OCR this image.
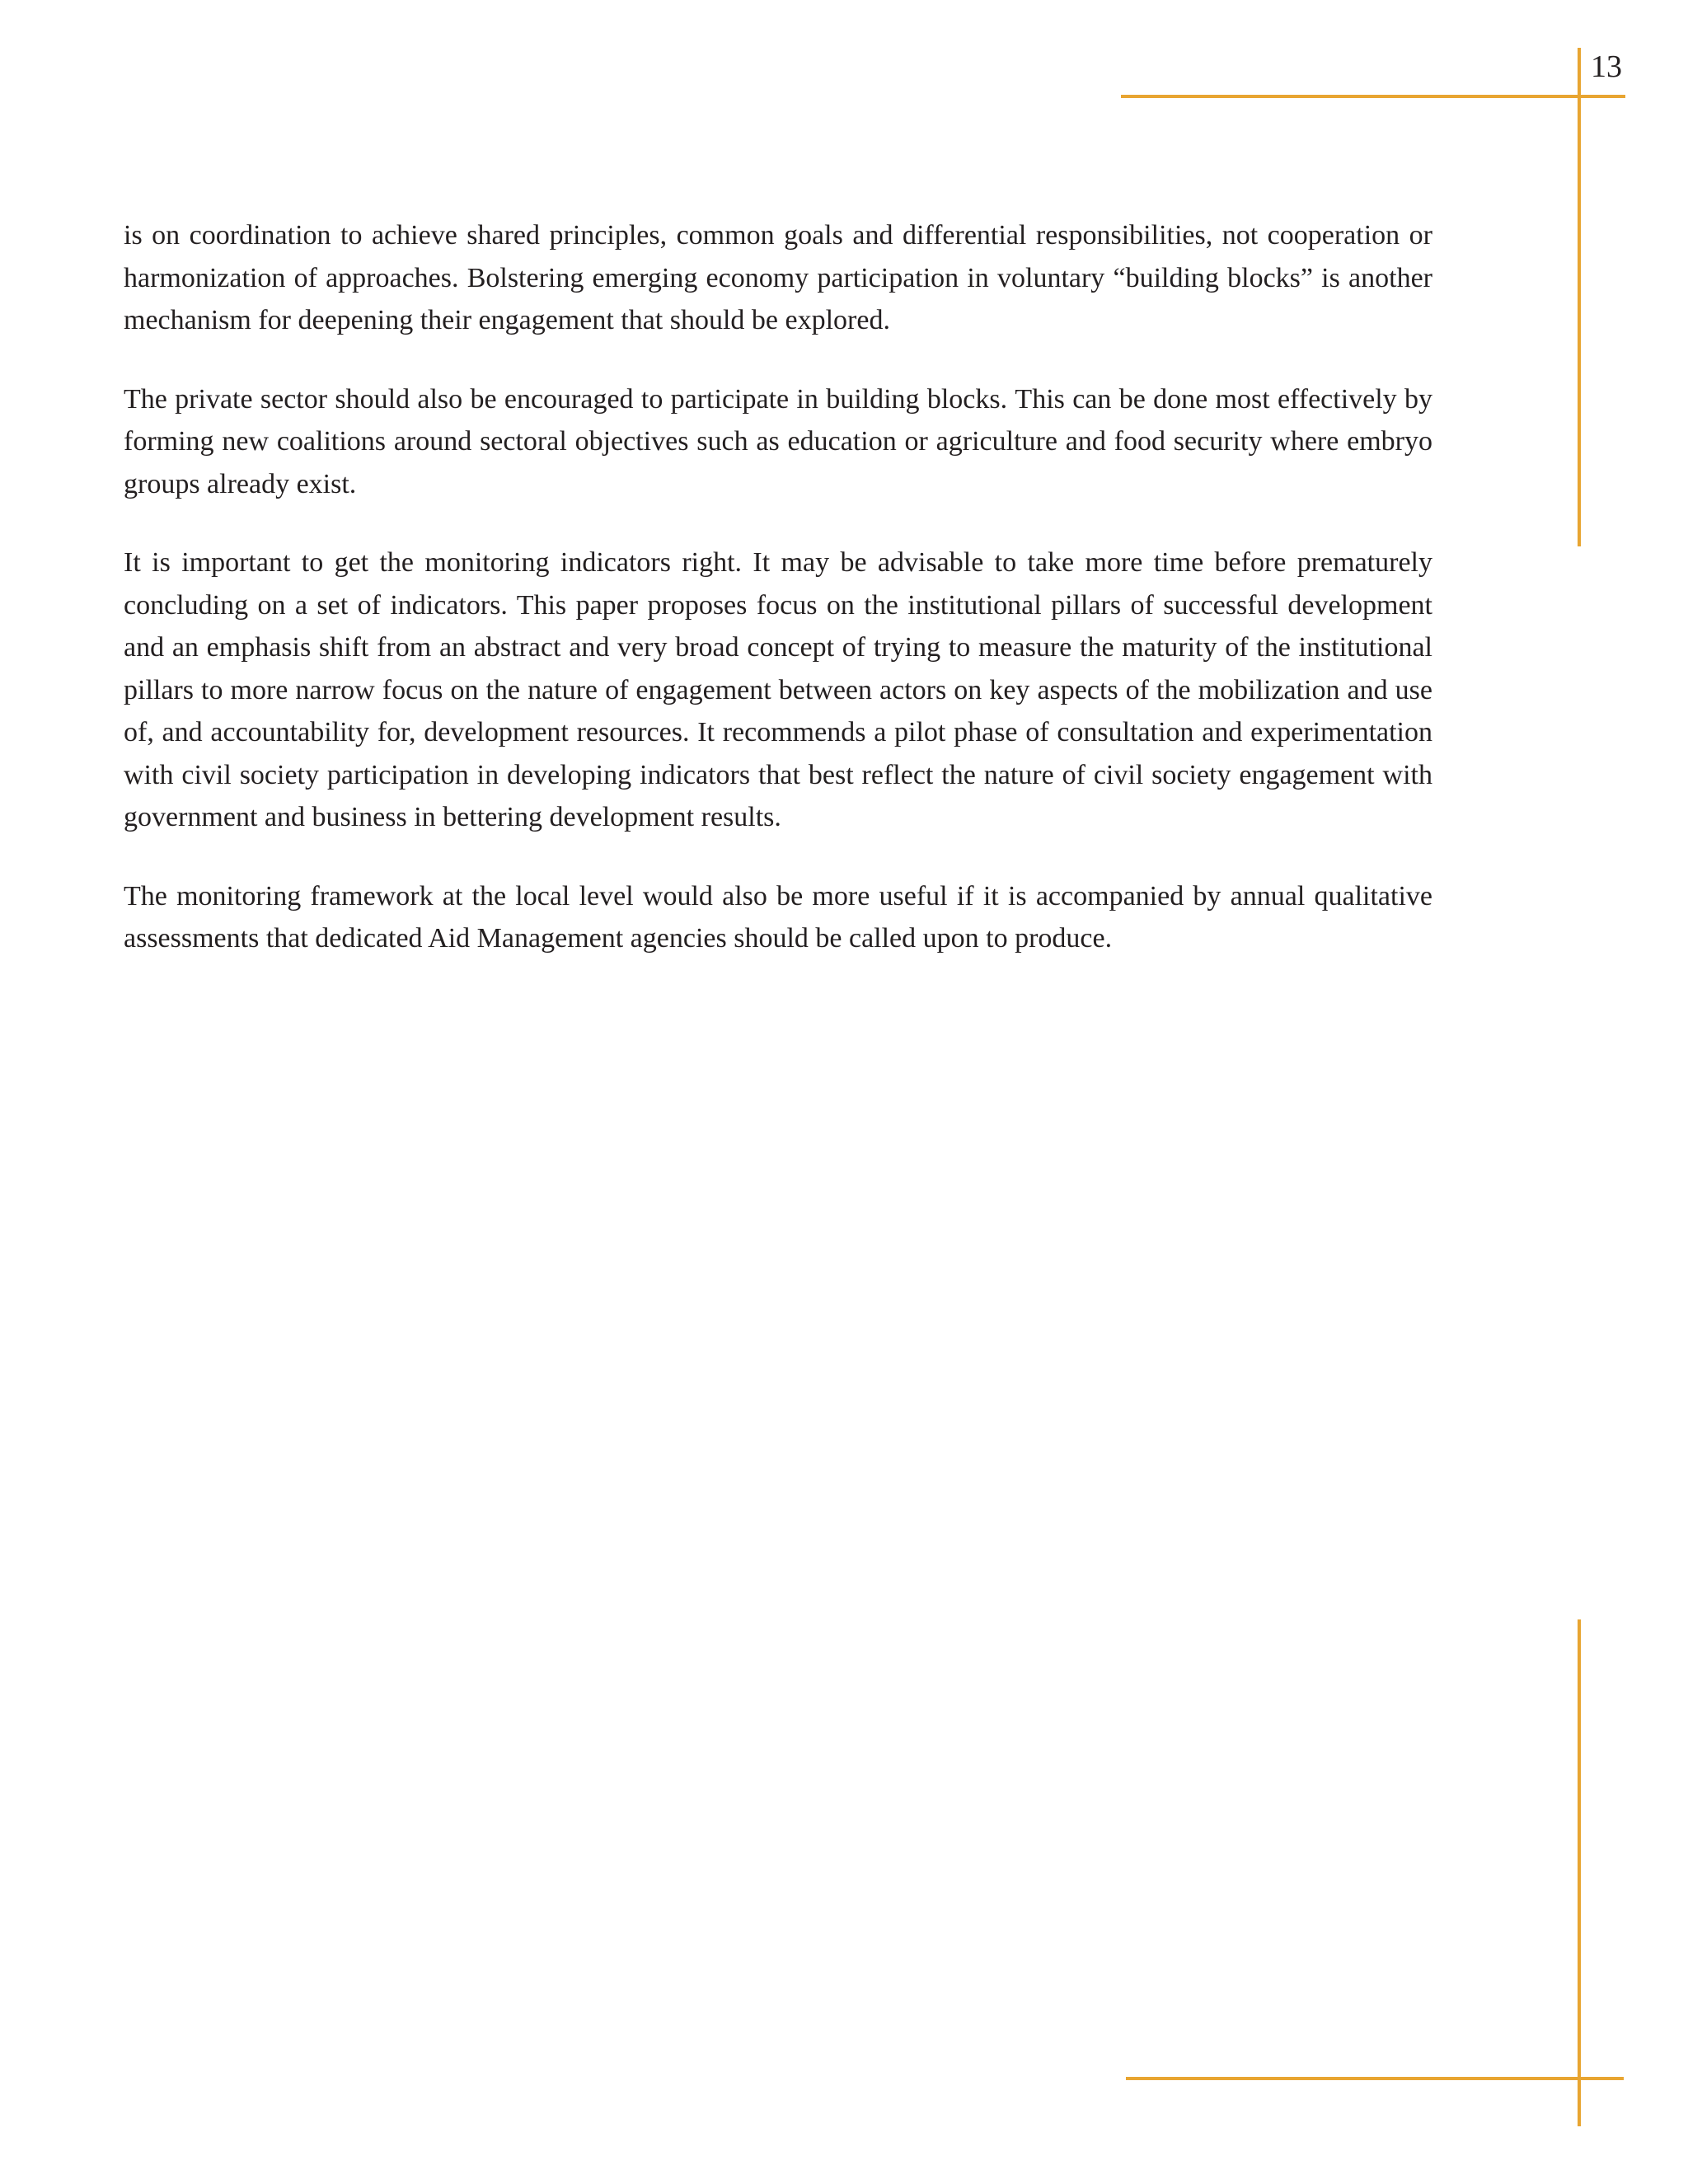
13

is on coordination to achieve shared principles, common goals and differential responsibilities, not cooperation or harmonization of approaches. Bolstering emerging economy participation in voluntary “building blocks” is another mechanism for deepening their engagement that should be explored.

The private sector should also be encouraged to participate in building blocks. This can be done most effectively by forming new coalitions around sectoral objectives such as education or agriculture and food security where embryo groups already exist.

It is important to get the monitoring indicators right. It may be advisable to take more time before prematurely concluding on a set of indicators. This paper proposes focus on the institutional pillars of successful development and an emphasis shift from an abstract and very broad concept of trying to measure the maturity of the institutional pillars to more narrow focus on the nature of engagement between actors on key aspects of the mobilization and use of, and accountability for, development resources. It recommends a pilot phase of consultation and experimentation with civil society participation in developing indicators that best reflect the nature of civil society engagement with government and business in bettering development results.

The monitoring framework at the local level would also be more useful if it is accompanied by annual qualitative assessments that dedicated Aid Management agencies should be called upon to produce.
